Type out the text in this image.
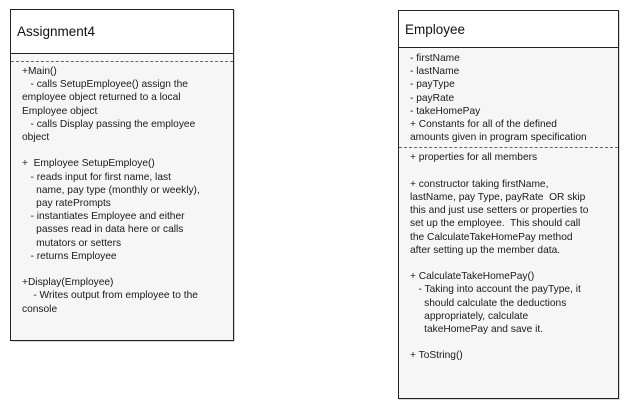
Assignment4
+Main()
- calls SetupEmployee() assign the
employee object returned to a local
Employee object
- calls Display passing the employee
object
+  Employee SetupEmploye()
- reads input for first name, last
name, pay type (monthly or weekly),
pay ratePrompts
- instantiates Employee and either
passes read in data here or calls
mutators or setters
- returns Employee
+Display(Employee)
- Writes output from employee to the
console
Employee
- firstName
- lastName
- payType
- payRate
- takeHomePay
+ Constants for all of the defined
amounts given in program specification
+ properties for all members
+ constructor taking firstName,
lastName, pay Type, payRate  OR skip
this and just use setters or properties to
set up the employee.  This should call
the CalculateTakeHomePay method
after setting up the member data.
+ CalculateTakeHomePay()
- Taking into account the payType, it
should calculate the deductions
appropriately, calculate
takeHomePay and save it.
+ ToString()
